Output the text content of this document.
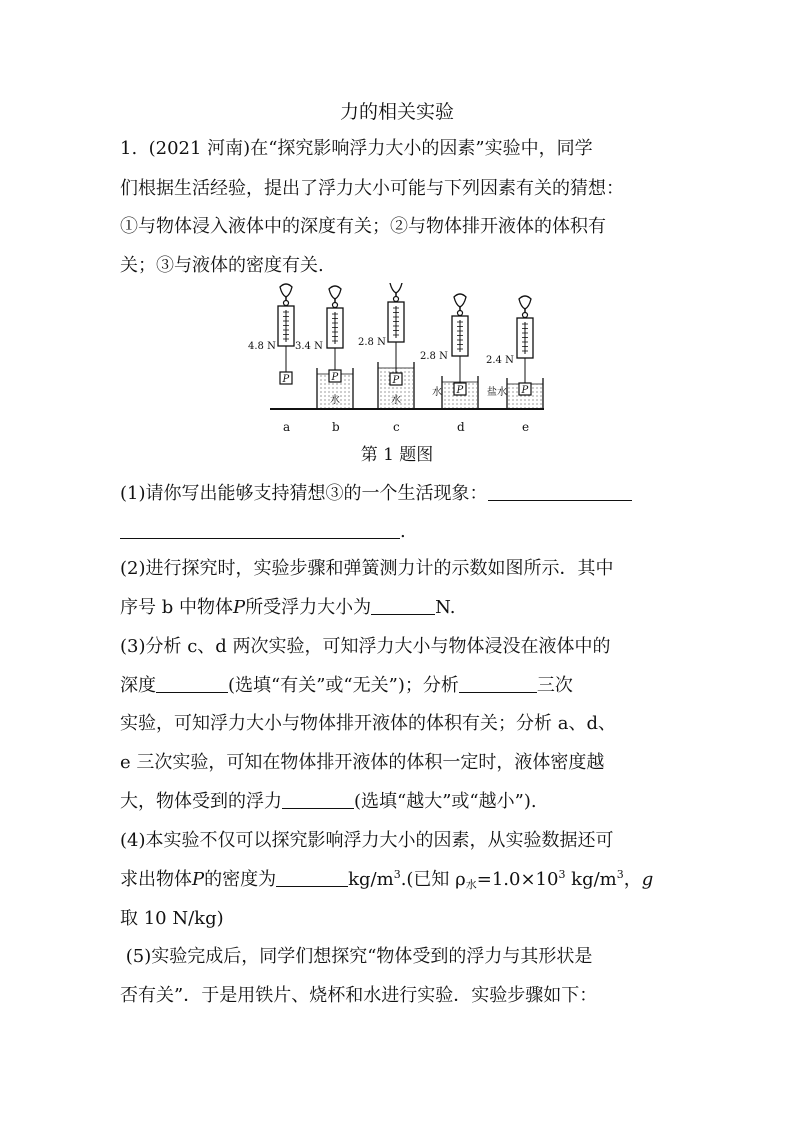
力的相关实验
1.  (2021 河南)在“探究影响浮力大小的因素”实验中，同学
们根据生活经验，提出了浮力大小可能与下列因素有关的猜想：
①与物体浸入液体中的深度有关；②与物体排开液体的体积有
关；③与液体的密度有关.
4.8 N
P
a
3.4 N
水
P
b
2.8 N
水
P
c
2.8 N
水 P
d
2.4 N
盐水 P
e
第 1 题图
(1)请你写出能够支持猜想③的一个生活现象：
.
(2)进行探究时，实验步骤和弹簧测力计的示数如图所示．其中
序号 b 中物体P所受浮力大小为	N.
(3)分析 c、d 两次实验，可知浮力大小与物体浸没在液体中的
深度	(选填“有关”或“无关”)；分析	三次
实验，可知浮力大小与物体排开液体的体积有关；分析 a、d、
e 三次实验，可知在物体排开液体的体积一定时，液体密度越
大，物体受到的浮力	(选填“越大”或“越小”).
(4)本实验不仅可以探究影响浮力大小的因素，从实验数据还可
求出物体P的密度为	$kg/m^3$.(已知 $\rho_水=1.0\times 10^3$ $kg/m^3$，g
取 10 N/kg)
(5)实验完成后，同学们想探究“物体受到的浮力与其形状是
否有关”．于是用铁片、烧杯和水进行实验．实验步骤如下：
